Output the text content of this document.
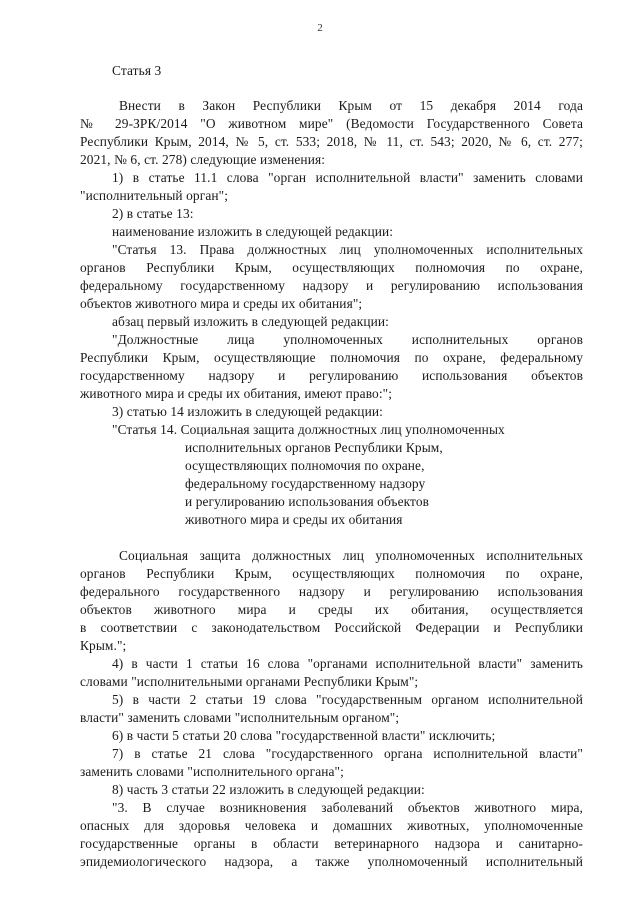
2

Статья 3

Внести в Закон Республики Крым от 15 декабря 2014 года

№ 29-ЗРК/2014 "О животном мире" (Ведомости Государственного Совета

Республики Крым, 2014, № 5, ст. 533; 2018, № 11, ст. 543; 2020, № 6, ст. 277;

2021, № 6, ст. 278) следующие изменения:

1) в статье 11.1 слова "орган исполнительной власти" заменить словами

"исполнительный орган";

2) в статье 13:

наименование изложить в следующей редакции:

"Статья 13. Права должностных лиц уполномоченных исполнительных

органов Республики Крым, осуществляющих полномочия по охране,

федеральному государственному надзору и регулированию использования

объектов животного мира и среды их обитания";

абзац первый изложить в следующей редакции:

"Должностные лица уполномоченных исполнительных органов

Республики Крым, осуществляющие полномочия по охране, федеральному

государственному надзору и регулированию использования объектов

животного мира и среды их обитания, имеют право:";

3) статью 14 изложить в следующей редакции:

"Статья 14. Социальная защита должностных лиц уполномоченных

исполнительных органов Республики Крым,

осуществляющих полномочия по охране,

федеральному государственному надзору

и регулированию использования объектов

животного мира и среды их обитания

Социальная защита должностных лиц уполномоченных исполнительных

органов Республики Крым, осуществляющих полномочия по охране,

федерального государственного надзору и регулированию использования

объектов животного мира и среды их обитания, осуществляется

в соответствии с законодательством Российской Федерации и Республики

Крым.";

4) в части 1 статьи 16 слова "органами исполнительной власти" заменить

словами "исполнительными органами Республики Крым";

5) в части 2 статьи 19 слова "государственным органом исполнительной

власти" заменить словами "исполнительным органом";

6) в части 5 статьи 20 слова "государственной власти" исключить;

7) в статье 21 слова "государственного органа исполнительной власти"

заменить словами "исполнительного органа";

8) часть 3 статьи 22 изложить в следующей редакции:

"3. В случае возникновения заболеваний объектов животного мира,

опасных для здоровья человека и домашних животных, уполномоченные

государственные органы в области ветеринарного надзора и санитарно-

эпидемиологического надзора, а также уполномоченный исполнительный
